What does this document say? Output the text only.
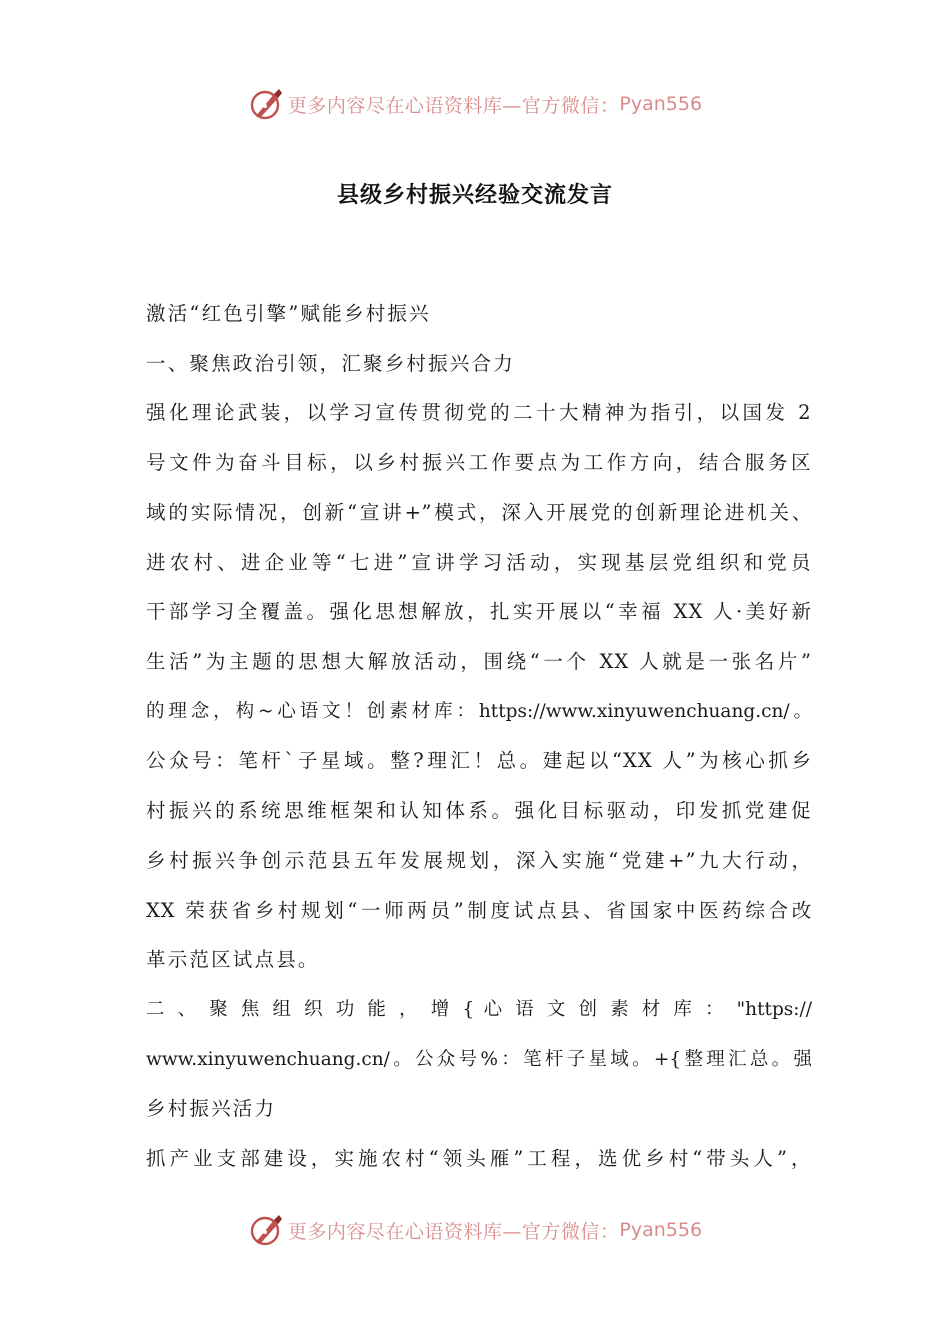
更多内容尽在心语资料库—官方微信： Pyan556
县级乡村振兴经验交流发言
激活“红色引擎”赋能乡村振兴
一、聚焦政治引领，汇聚乡村振兴合力
强化理论武装，以学习宣传贯彻党的二十大精神为指引，以国发 2
号文件为奋斗目标，以乡村振兴工作要点为工作方向，结合服务区
域的实际情况，创新“宣讲+”模式，深入开展党的创新理论进机关、
进农村、进企业等“七进”宣讲学习活动，实现基层党组织和党员
干部学习全覆盖。强化思想解放，扎实开展以“幸福 XX 人·美好新
生活”为主题的思想大解放活动，围绕“一个 XX 人就是一张名片”
的理念，构~心语文！创素材库：https://www.xinyuwenchuang.cn/。
公众号：笔杆`子星域。整?理汇！总。建起以“XX 人”为核心抓乡
村振兴的系统思维框架和认知体系。强化目标驱动，印发抓党建促
乡村振兴争创示范县五年发展规划，深入实施“党建+”九大行动，
XX 荣获省乡村规划“一师两员”制度试点县、省国家中医药综合改
革示范区试点县。
二 、 聚 焦 组 织 功 能 ， 增 { 心 语 文 创 素 材 库 ： "https://
www.xinyuwenchuang.cn/。公众号%：笔杆子星域。+{整理汇总。强
乡村振兴活力
抓产业支部建设，实施农村“领头雁”工程，选优乡村“带头人”，
更多内容尽在心语资料库—官方微信： Pyan556
